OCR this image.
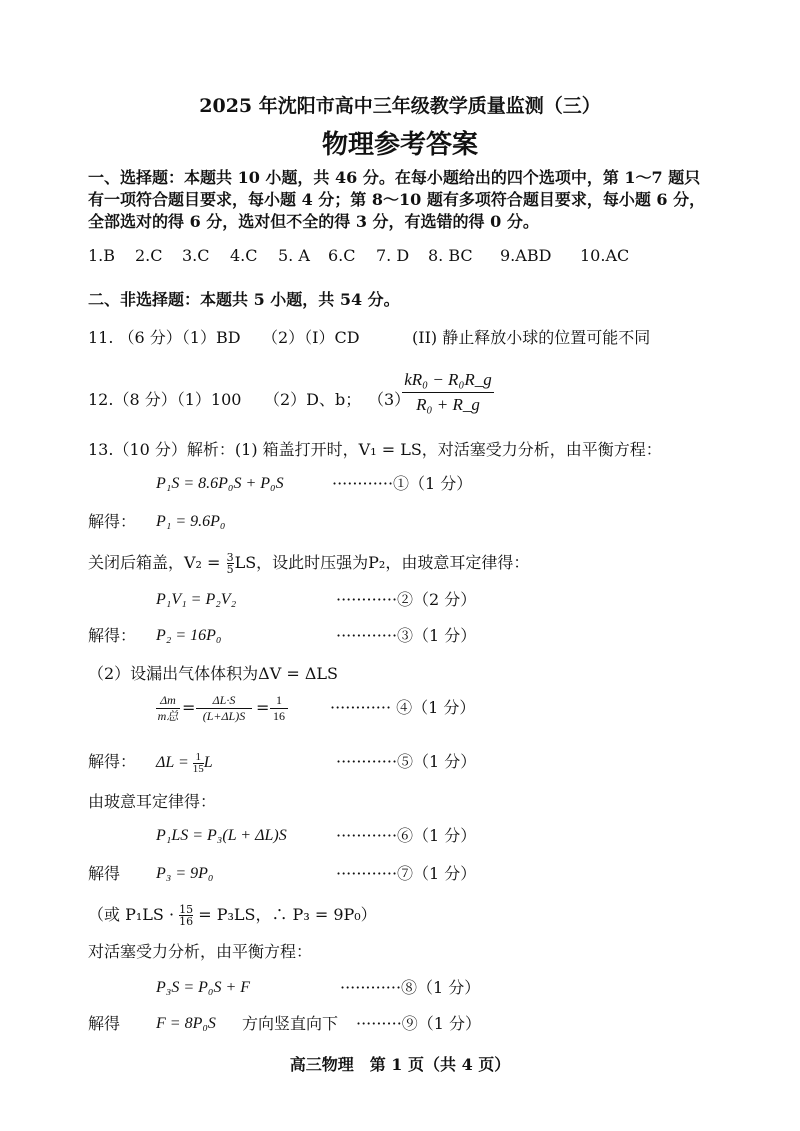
2025 年沈阳市高中三年级教学质量监测（三）
物理参考答案
一、选择题：本题共 10 小题，共 46 分。在每小题给出的四个选项中，第 1～7 题只
有一项符合题目要求，每小题 4 分；第 8～10 题有多项符合题目要求，每小题 6 分，
全部选对的得 6 分，选对但不全的得 3 分，有选错的得 0 分。
1.B 2.C 3.C 4.C 5. A 6.C 7. D 8. BC 9.ABD 10.AC
二、非选择题：本题共 5 小题，共 54 分。
11. （6 分）（1）BD （2）（I）CD	(II) 静止释放小球的位置可能不同
12.（8 分）（1）100 （2）D、b； （3）
kR₀ − R₀R_g
R₀ + R_g
13.（10 分）解析：(1) 箱盖打开时，V₁ = LS，对活塞受力分析，由平衡方程：
P₁S = 8.6P₀S + P₀S	············①（1 分）
解得： P₁ = 9.6P₀
关闭后箱盖，$V_2 = \frac{3}{5}$ LS，设此时压强为P₂，由玻意耳定律得：
P₁V₁ = P₂V₂	············②（2 分）
解得： P₂ = 16P₀	············③（1 分）
（2）设漏出气体体积为ΔV = ΔLS
Δm
m总 =	ΔL·S
(L+ΔL)S = 1
16	············ ④（1 分）
解得： $\Delta L = \frac{1}{15}$ L	············⑤（1 分）
由玻意耳定律得：
P₁LS = P₃(L + ΔL)S	············⑥（1 分）
解得 P₃ = 9P₀	············⑦（1 分）
（或 $P_1LS \cdot \frac{15}{16} = P_3LS$，∴ P₃ = 9P₀）
对活塞受力分析，由平衡方程：
P₃S = P₀S + F	············⑧（1 分）
解得 F = 8P₀S 方向竖直向下 ·········⑨（1 分）
高三物理　第 1 页（共 4 页）
